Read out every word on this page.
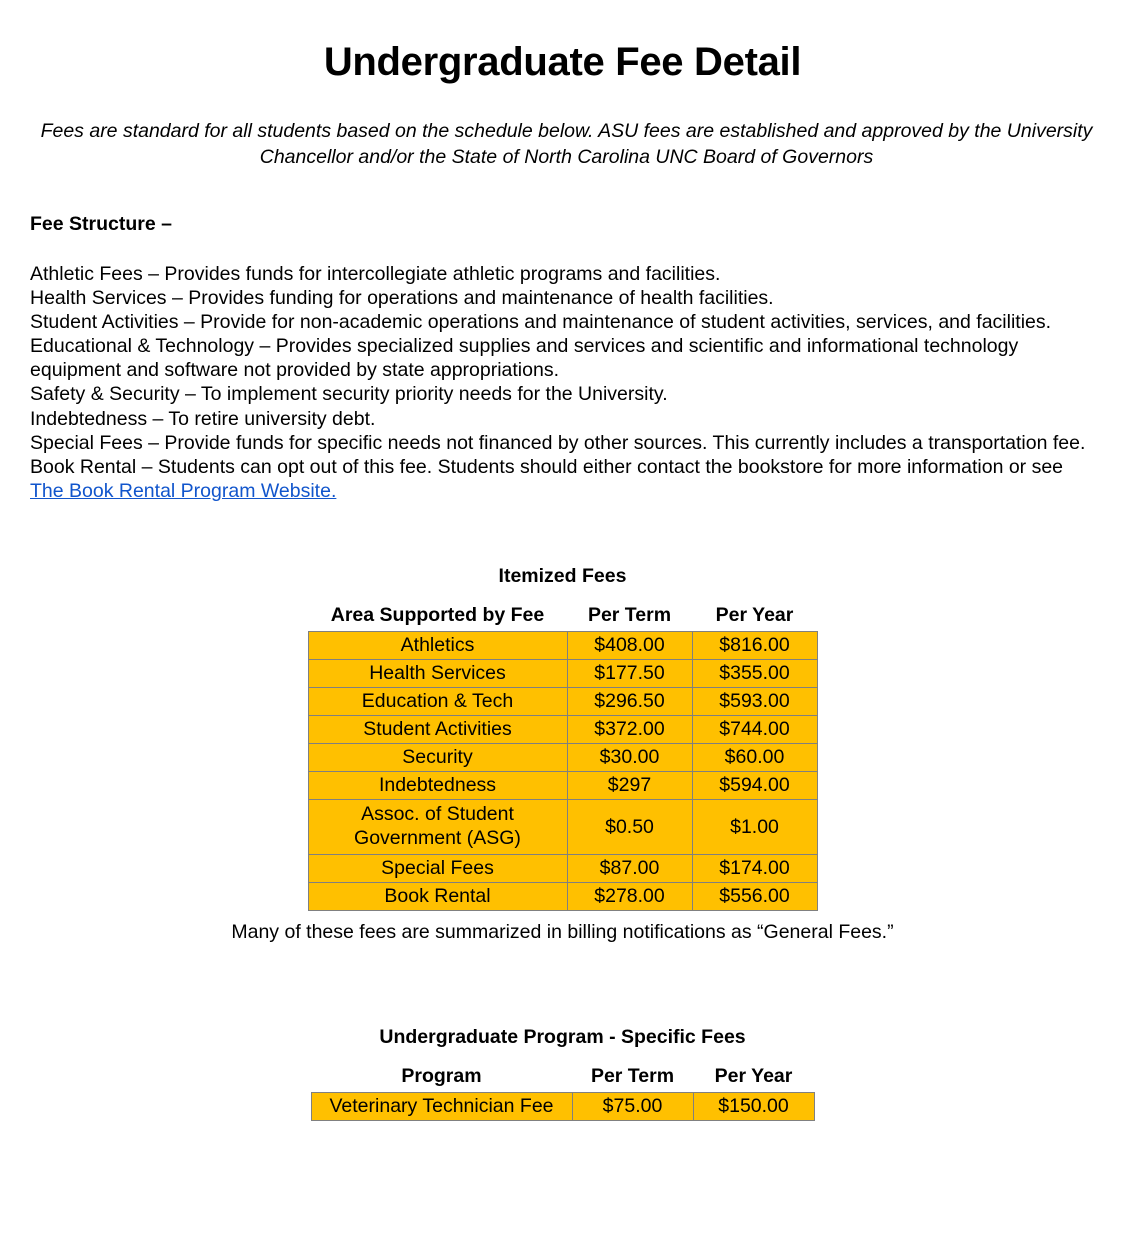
Undergraduate Fee Detail

Fees are standard for all students based on the schedule below. ASU fees are established and approved by the University Chancellor and/or the State of North Carolina UNC Board of Governors

Fee Structure –

Athletic Fees – Provides funds for intercollegiate athletic programs and facilities.

Health Services – Provides funding for operations and maintenance of health facilities.

Student Activities – Provide for non-academic operations and maintenance of student activities, services, and facilities.

Educational & Technology – Provides specialized supplies and services and scientific and informational technology equipment and software not provided by state appropriations.

Safety & Security – To implement security priority needs for the University.

Indebtedness – To retire university debt.

Special Fees – Provide funds for specific needs not financed by other sources. This currently includes a transportation fee.

Book Rental – Students can opt out of this fee. Students should either contact the bookstore for more information or see The Book Rental Program Website.

Itemized Fees
Area Supported by Fee	Per Term	Per Year
Athletics	$408.00	$816.00
Health Services	$177.50	$355.00
Education & Tech	$296.50	$593.00
Student Activities	$372.00	$744.00
Security	$30.00	$60.00
Indebtedness	$297	$594.00

Assoc. of Student
Government (ASG)	$0.50	$1.00
Special Fees	$87.00	$174.00
Book Rental	$278.00	$556.00
Many of these fees are summarized in billing notifications as “General Fees.”
Undergraduate Program - Specific Fees
Program	Per Term	Per Year
Veterinary Technician Fee	$75.00	$150.00
